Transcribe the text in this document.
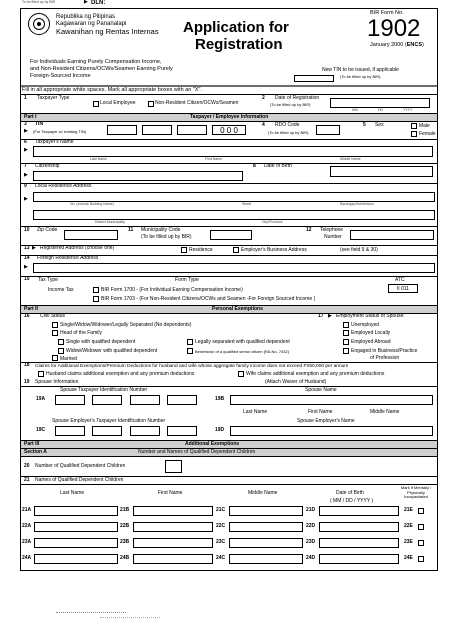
To be filled up by BIR	▶ DLN:
Republika ng Pilipinas
Kagawaran ng Pananalapi
Kawanihan ng Rentas Internas Application for
Registration
BIR Form No.
1902
January 2000 (ENCS)
For Individuals Earning Purely Compensation Income,
and Non-Resident Citizens/OCWs/Seamen Earning Purely
Foreign-Sourced Income
New TIN to be issued, if applicable
(To be filled up by BIR)
Fill in all appropriate white spaces. Mark all appropriate boxes with an "X".
1 Taxpayer Type
Local Employee	Non-Resident Citizen/OCWs/Seamen
2 Date of Registration
(To be filled up by BIR)
MM	DD	YYYY
Part I	Taxpayer / Employee Information
3 TIN
▶ (For Taxpayer w/ existing TIN)	0 0 0
4 RDO Code
(To be filled up by BIR)
5 Sex	Male
Female
6 Taxpayer's Name
▶
Last Name	First Name	Middle Name
7 Citizenship
▶
8 Date of Birth
9 Local Residence Address
▶
No. (Include Building Name)	Street	Barangay/Subdivision
District Municipality	City/Province
10 Zip Code	11 Municipality Code
(To be filled up by BIR)
12 Telephone
Number
13 ▶ Registered Address (choose one)	Residence	Employer's Business Address	(see field 9 & 30)
14 Foreign Residence Address
▶
15 Tax Type	Form Type	ATC
Income Tax	BIR Form 1700 - (For Individual Earning Compensation Income)
BIR Form 1703 - (For Non-Resident Citizens/OCWs and Seamen -For Foreign Sourced Income )
II 011
Part II	Personal Exemptions
16 Civil Status
Single/Widow/Widower/Legally Separated (No dependents)
Head of the Family
Single with qualified dependent
Widow/Widower with qualified dependent
Married
Legally separated with qualified dependent
Benefactor of a qualified senior citizen (RA No. 7432)
17 ▶ Employment Status of Spouse:
Unemployed
Employed Locally
Employed Abroad
Engaged in Business/Practice
of Profession
18 Claims for Additional Exemptions/Premium Deductions for husband and wife whose aggregate family income does not exceed P250,000 per annum
Husband claims additional exemption and any premium deductions	Wife claims additional exemption and any premium deductions
(Attach Waiver of Husband)
19 Spouse Information
Spouse Taxpayer Identification Number	Spouse Name
19A	19B
Last Name	First Name	Middle Name
Spouse Employer's Taxpayer Identification Number	Spouse Employer's Name
19C	19D
Part III	Additional Exemptions
Section A	Number and Names of Qualified Dependent Children
20 Number of Qualified Dependent Children
21 Names of Qualified Dependent Children
Last Name	First Name	Middle Name	Date of Birth
( MM / DD / YYYY )
Mark if Mentally / Physically Incapacitated
21A	21B	21C	21D	21E
22A	22B	22C	22D	22E
23A	23B	23C	23D	23E
24A	24B	24C	24D	24E
